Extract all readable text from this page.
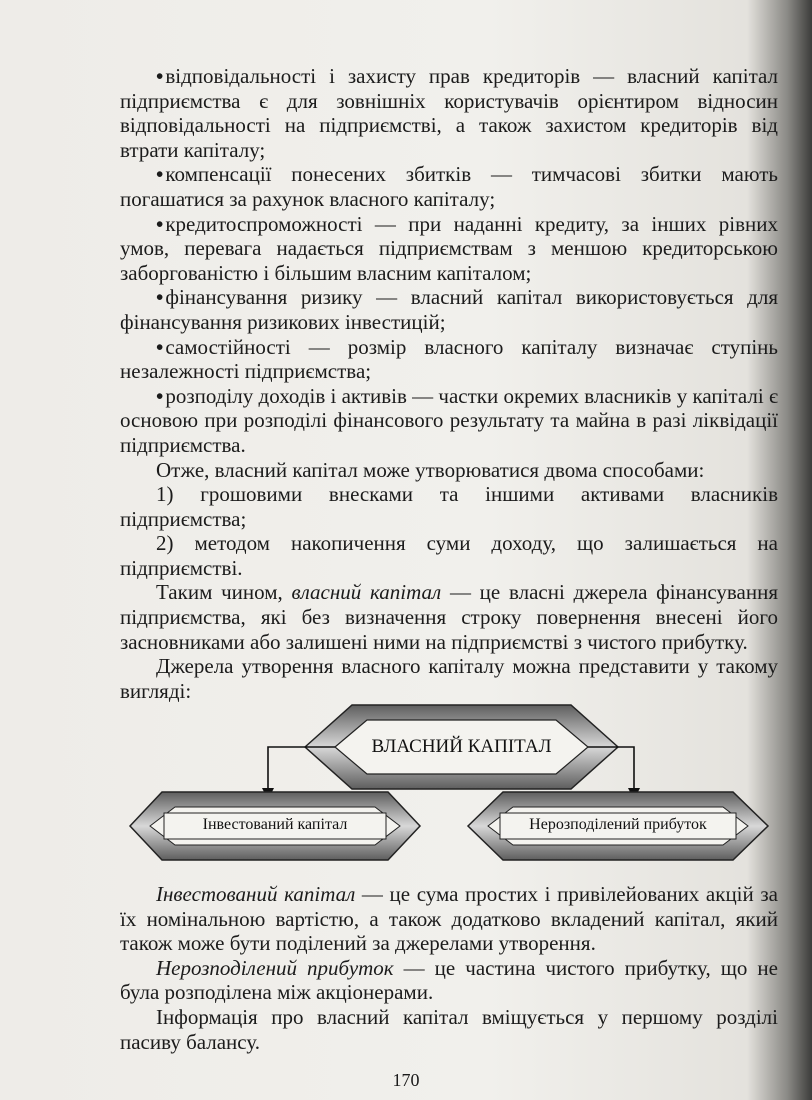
•відповідальності і захисту прав кредиторів — власний капітал підприємства є для зовнішніх користувачів орієнтиром відносин відповідальності на підприємстві, а також захистом кредиторів від втрати капіталу;

•компенсації понесених збитків — тимчасові збитки мають погашатися за рахунок власного капіталу;

•кредитоспроможності — при наданні кредиту, за інших рівних умов, перевага надається підприємствам з меншою кредиторською заборгованістю і більшим власним капіталом;

•фінансування ризику — власний капітал використовується для фінансування ризикових інвестицій;

•самостійності — розмір власного капіталу визначає ступінь незалежності підприємства;

•розподілу доходів і активів — частки окремих власників у капіталі є основою при розподілі фінансового результату та майна в разі ліквідації підприємства.

Отже, власний капітал може утворюватися двома способами:

1) грошовими внесками та іншими активами власників підприємства;

2) методом накопичення суми доходу, що залишається на підприємстві.

Таким чином, власний капітал — це власні джерела фінансування підприємства, які без визначення строку повернення внесені його засновниками або залишені ними на підприємстві з чистого прибутку.

Джерела утворення власного капіталу можна представити у такому вигляді:

ВЛАСНИЙ КАПІТАЛ
Інвестований капітал	Нерозподілений прибуток

Інвестований капітал — це сума простих і привілейованих акцій за їх номінальною вартістю, а також додатково вкладений капітал, який також може бути поділений за джерелами утворення.

Нерозподілений прибуток — це частина чистого прибутку, що не була розподілена між акціонерами.

Інформація про власний капітал вміщується у першому розділі пасиву балансу.

170
